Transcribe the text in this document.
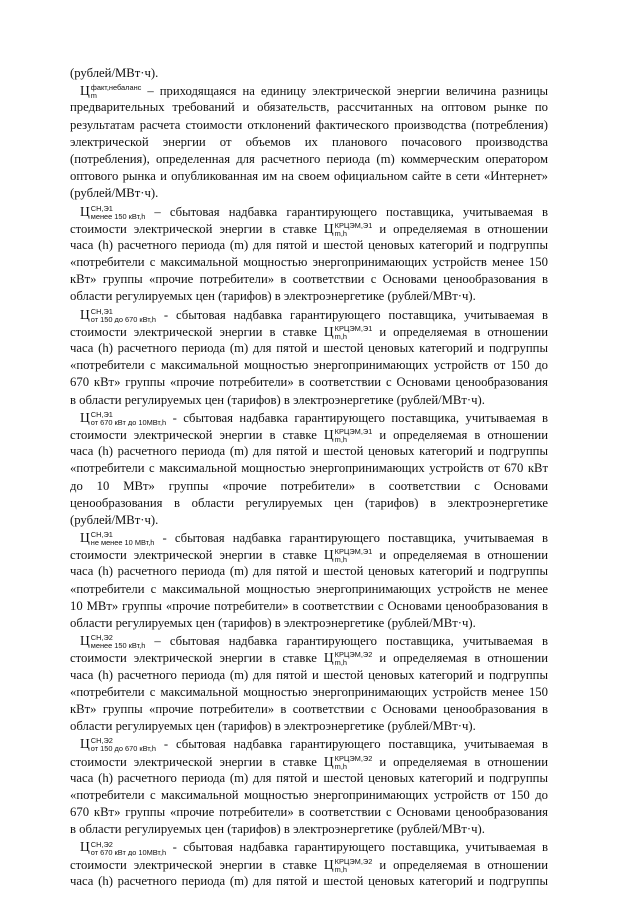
(рублей/МВт·ч).
Ц факт,небаланс
m	– приходящаяся на единицу электрической энергии величина разницы
предварительных требований и обязательств, рассчитанных на оптовом рынке по
результатам расчета стоимости отклонений фактического производства (потребления)
электрической энергии от объемов их планового почасового производства
(потребления), определенная для расчетного периода (m) коммерческим оператором
оптового рынка и опубликованная им на своем официальном сайте в сети «Интернет»
(рублей/МВт·ч).
Ц СН,Э1
менее 150 кВт,h – сбытовая надбавка гарантирующего поставщика, учитываемая в
стоимости электрической энергии в ставке Ц КРЦЭМ,Э1
m,h	и определяемая в отношении
часа (h) расчетного периода (m) для пятой и шестой ценовых категорий и подгруппы
«потребители с максимальной мощностью энергопринимающих устройств менее 150
кВт» группы «прочие потребители» в соответствии с Основами ценообразования в
области регулируемых цен (тарифов) в электроэнергетике (рублей/МВт·ч).
Ц СН,Э1
от 150 до 670 кВт,h - сбытовая надбавка гарантирующего поставщика, учитываемая в
стоимости электрической энергии в ставке Ц КРЦЭМ,Э1
m,h	и определяемая в отношении
часа (h) расчетного периода (m) для пятой и шестой ценовых категорий и подгруппы
«потребители с максимальной мощностью энергопринимающих устройств от 150 до
670 кВт» группы «прочие потребители» в соответствии с Основами ценообразования
в области регулируемых цен (тарифов) в электроэнергетике (рублей/МВт·ч).
Ц СН,Э1
от 670 кВт до 10МВт,h - сбытовая надбавка гарантирующего поставщика, учитываемая в
стоимости электрической энергии в ставке Ц КРЦЭМ,Э1
m,h	и определяемая в отношении
часа (h) расчетного периода (m) для пятой и шестой ценовых категорий и подгруппы
«потребители с максимальной мощностью энергопринимающих устройств от 670 кВт
до 10 МВт» группы «прочие потребители» в соответствии с Основами
ценообразования в области регулируемых цен (тарифов) в электроэнергетике
(рублей/МВт·ч).
Ц СН,Э1
не менее 10 МВт,h - сбытовая надбавка гарантирующего поставщика, учитываемая в
стоимости электрической энергии в ставке Ц КРЦЭМ,Э1
m,h	и определяемая в отношении
часа (h) расчетного периода (m) для пятой и шестой ценовых категорий и подгруппы
«потребители с максимальной мощностью энергопринимающих устройств не менее
10 МВт» группы «прочие потребители» в соответствии с Основами ценообразования в
области регулируемых цен (тарифов) в электроэнергетике (рублей/МВт·ч).
Ц СН,Э2
менее 150 кВт,h – сбытовая надбавка гарантирующего поставщика, учитываемая в
стоимости электрической энергии в ставке Ц КРЦЭМ,Э2
m,h	и определяемая в отношении
часа (h) расчетного периода (m) для пятой и шестой ценовых категорий и подгруппы
«потребители с максимальной мощностью энергопринимающих устройств менее 150
кВт» группы «прочие потребители» в соответствии с Основами ценообразования в
области регулируемых цен (тарифов) в электроэнергетике (рублей/МВт·ч).
Ц СН,Э2
от 150 до 670 кВт,h - сбытовая надбавка гарантирующего поставщика, учитываемая в
стоимости электрической энергии в ставке Ц КРЦЭМ,Э2
m,h	и определяемая в отношении
часа (h) расчетного периода (m) для пятой и шестой ценовых категорий и подгруппы
«потребители с максимальной мощностью энергопринимающих устройств от 150 до
670 кВт» группы «прочие потребители» в соответствии с Основами ценообразования
в области регулируемых цен (тарифов) в электроэнергетике (рублей/МВт·ч).
Ц СН,Э2
от 670 кВт до 10МВт,h - сбытовая надбавка гарантирующего поставщика, учитываемая в
стоимости электрической энергии в ставке Ц КРЦЭМ,Э2
m,h	и определяемая в отношении
часа (h) расчетного периода (m) для пятой и шестой ценовых категорий и подгруппы
